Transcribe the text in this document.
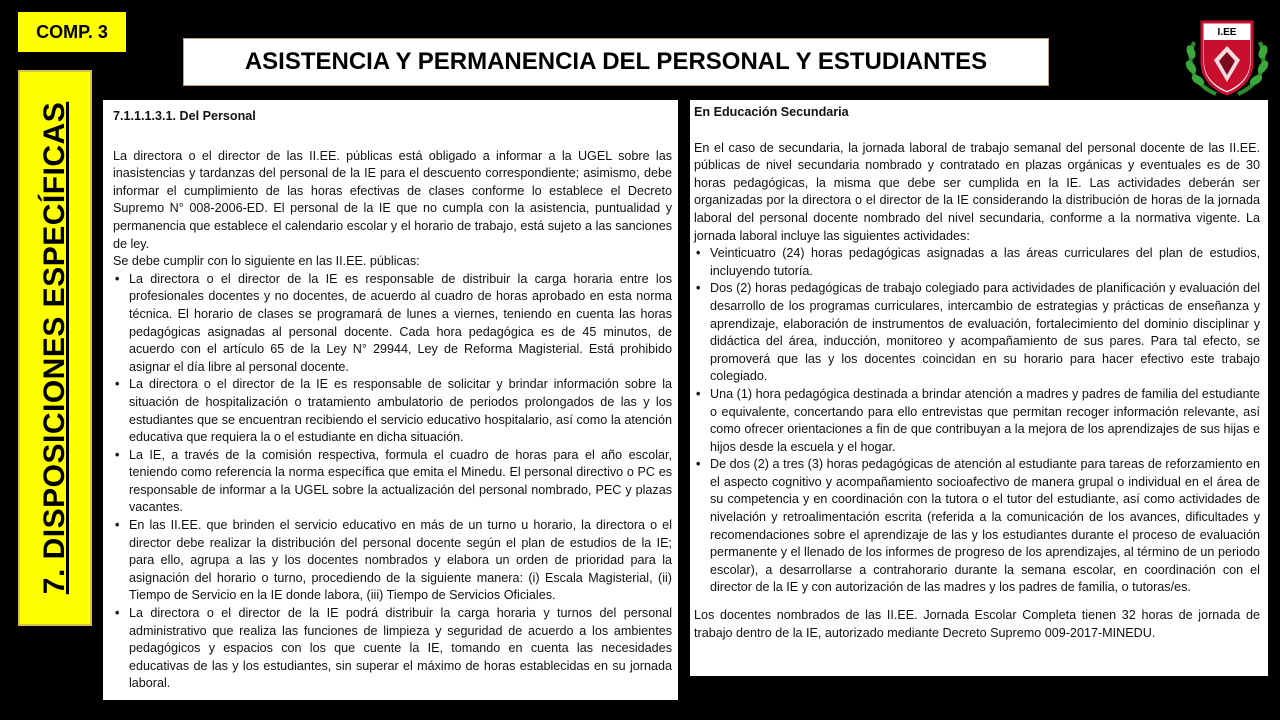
COMP. 3
ASISTENCIA Y PERMANENCIA DEL PERSONAL Y ESTUDIANTES
7. DISPOSICIONES ESPECÍFICAS
I.EE
7.1.1.1.3.1. Del Personal

La directora o el director de las II.EE. públicas está obligado a informar a la UGEL sobre las inasistencias y tardanzas del personal de la IE para el descuento correspondiente; asimismo, debe informar el cumplimiento de las horas efectivas de clases conforme lo establece el Decreto Supremo N° 008-2006-ED. El personal de la IE que no cumpla con la asistencia, puntualidad y permanencia que establece el calendario escolar y el horario de trabajo, está sujeto a las sanciones de ley.

Se debe cumplir con lo siguiente en las II.EE. públicas:

• La directora o el director de la IE es responsable de distribuir la carga horaria entre los profesionales docentes y no docentes, de acuerdo al cuadro de horas aprobado en esta norma técnica. El horario de clases se programará de lunes a viernes, teniendo en cuenta las horas pedagógicas asignadas al personal docente. Cada hora pedagógica es de 45 minutos, de acuerdo con el artículo 65 de la Ley N° 29944, Ley de Reforma Magisterial. Está prohibido asignar el día libre al personal docente.
• La directora o el director de la IE es responsable de solicitar y brindar información sobre la situación de hospitalización o tratamiento ambulatorio de periodos prolongados de las y los estudiantes que se encuentran recibiendo el servicio educativo hospitalario, así como la atención educativa que requiera la o el estudiante en dicha situación.
• La IE, a través de la comisión respectiva, formula el cuadro de horas para el año escolar, teniendo como referencia la norma específica que emita el Minedu. El personal directivo o PC es responsable de informar a la UGEL sobre la actualización del personal nombrado, PEC y plazas vacantes.
• En las II.EE. que brinden el servicio educativo en más de un turno u horario, la directora o el director debe realizar la distribución del personal docente según el plan de estudios de la IE; para ello, agrupa a las y los docentes nombrados y elabora un orden de prioridad para la asignación del horario o turno, procediendo de la siguiente manera: (i) Escala Magisterial, (ii) Tiempo de Servicio en la IE donde labora, (iii) Tiempo de Servicios Oficiales.
• La directora o el director de la IE podrá distribuir la carga horaria y turnos del personal administrativo que realiza las funciones de limpieza y seguridad de acuerdo a los ambientes pedagógicos y espacios con los que cuente la IE, tomando en cuenta las necesidades educativas de las y los estudiantes, sin superar el máximo de horas establecidas en su jornada laboral.
En Educación Secundaria

En el caso de secundaria, la jornada laboral de trabajo semanal del personal docente de las II.EE. públicas de nivel secundaria nombrado y contratado en plazas orgánicas y eventuales es de 30 horas pedagógicas, la misma que debe ser cumplida en la IE. Las actividades deberán ser organizadas por la directora o el director de la IE considerando la distribución de horas de la jornada laboral del personal docente nombrado del nivel secundaria, conforme a la normativa vigente. La jornada laboral incluye las siguientes actividades:

• Veinticuatro (24) horas pedagógicas asignadas a las áreas curriculares del plan de estudios, incluyendo tutoría.
• Dos (2) horas pedagógicas de trabajo colegiado para actividades de planificación y evaluación del desarrollo de los programas curriculares, intercambio de estrategias y prácticas de enseñanza y aprendizaje, elaboración de instrumentos de evaluación, fortalecimiento del dominio disciplinar y didáctica del área, inducción, monitoreo y acompañamiento de sus pares. Para tal efecto, se promoverá que las y los docentes coincidan en su horario para hacer efectivo este trabajo colegiado.
• Una (1) hora pedagógica destinada a brindar atención a madres y padres de familia del estudiante o equivalente, concertando para ello entrevistas que permitan recoger información relevante, así como ofrecer orientaciones a fin de que contribuyan a la mejora de los aprendizajes de sus hijas e hijos desde la escuela y el hogar.
• De dos (2) a tres (3) horas pedagógicas de atención al estudiante para tareas de reforzamiento en el aspecto cognitivo y acompañamiento socioafectivo de manera grupal o individual en el área de su competencia y en coordinación con la tutora o el tutor del estudiante, así como actividades de nivelación y retroalimentación escrita (referida a la comunicación de los avances, dificultades y recomendaciones sobre el aprendizaje de las y los estudiantes durante el proceso de evaluación permanente y el llenado de los informes de progreso de los aprendizajes, al término de un periodo escolar), a desarrollarse a contrahorario durante la semana escolar, en coordinación con el director de la IE y con autorización de las madres y los padres de familia, o tutoras/es.

Los docentes nombrados de las II.EE. Jornada Escolar Completa tienen 32 horas de jornada de trabajo dentro de la IE, autorizado mediante Decreto Supremo 009-2017-MINEDU.
